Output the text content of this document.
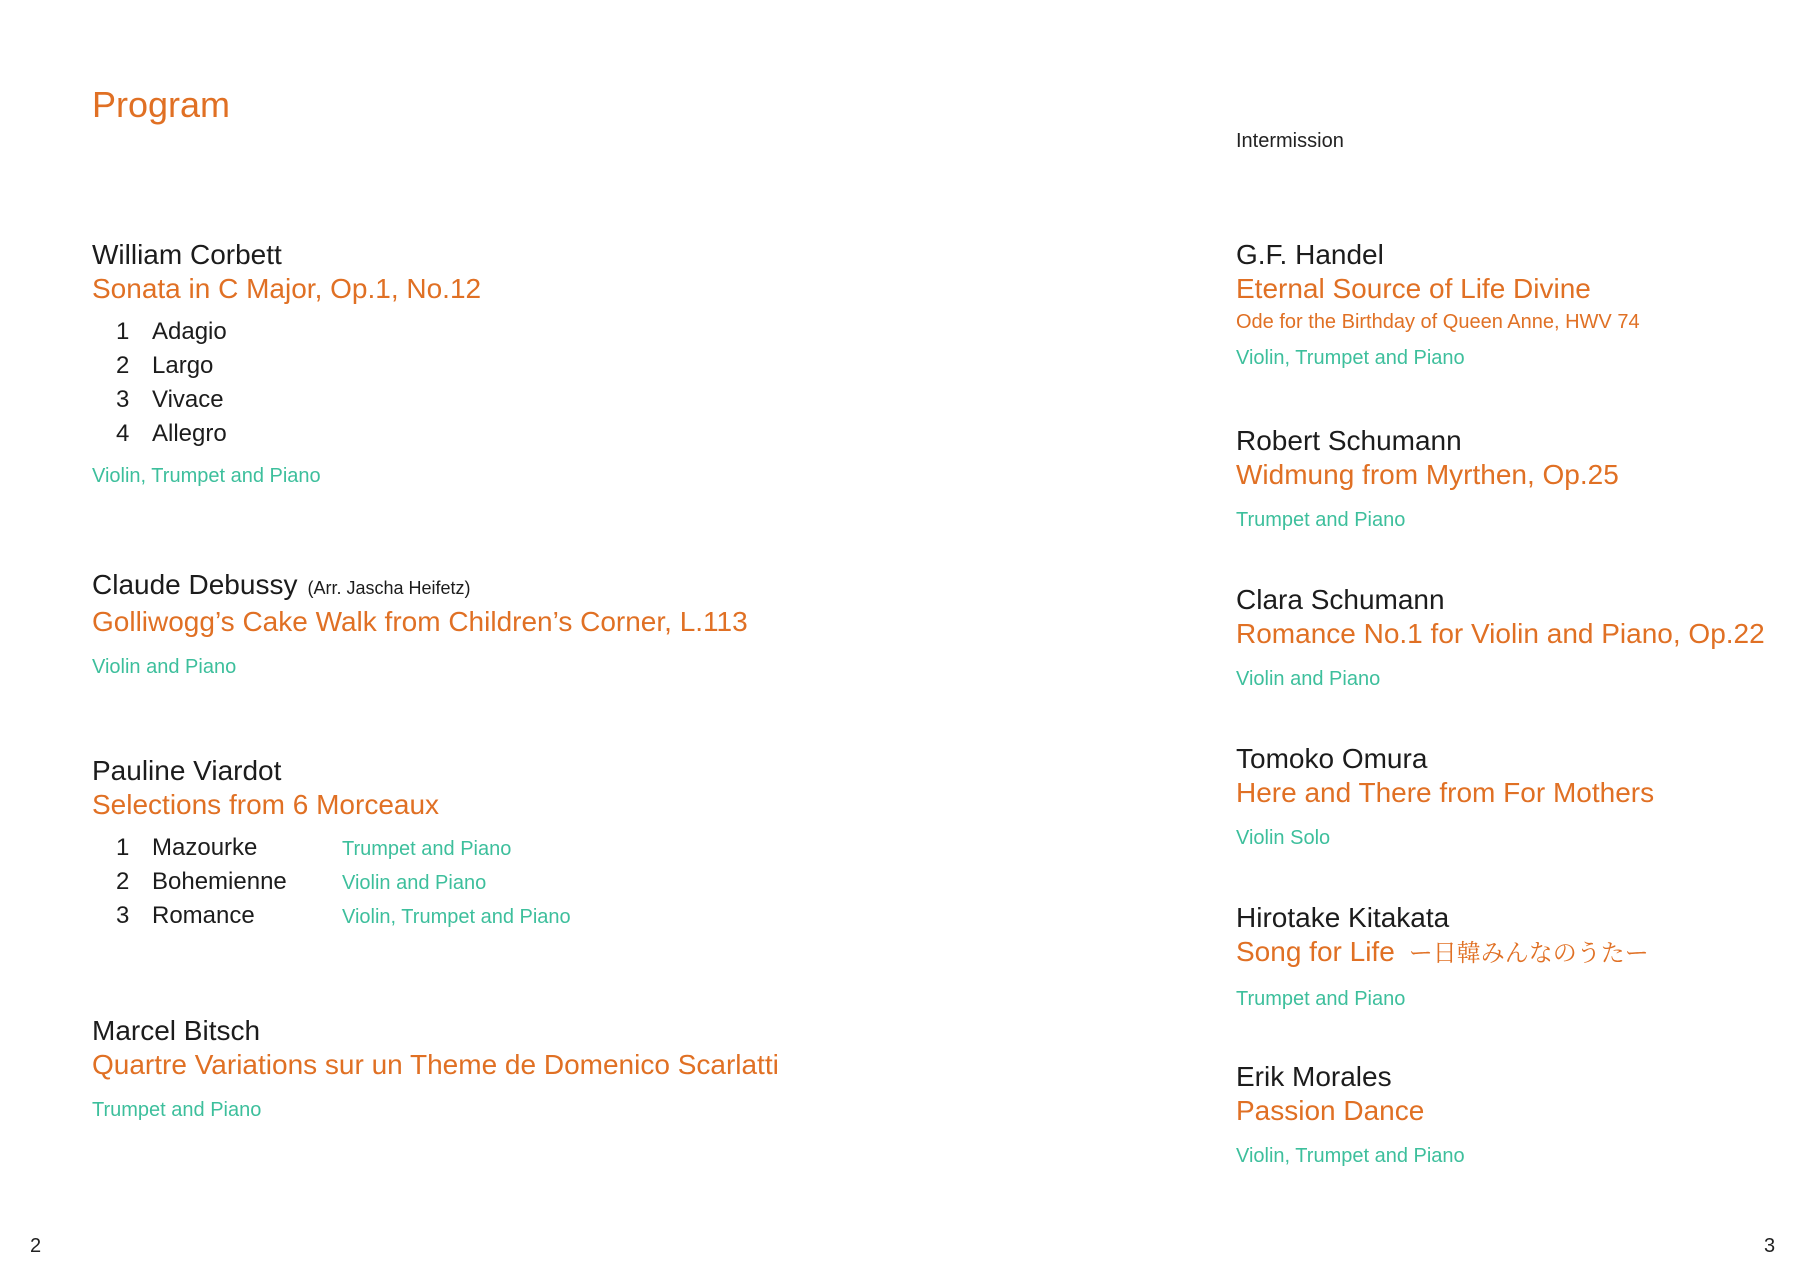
Program
Intermission
William Corbett
Sonata in C Major, Op.1, No.12
1 Adagio
2 Largo
3 Vivace
4 Allegro
Violin, Trumpet and Piano
Claude Debussy (Arr. Jascha Heifetz)
Golliwogg’s Cake Walk from Children’s Corner, L.113
Violin and Piano
Pauline Viardot
Selections from 6 Morceaux
1 Mazourke	Trumpet and Piano
2 Bohemienne	Violin and Piano
3 Romance	Violin, Trumpet and Piano
Marcel Bitsch
Quartre Variations sur un Theme de Domenico Scarlatti
Trumpet and Piano
G.F. Handel
Eternal Source of Life Divine
Ode for the Birthday of Queen Anne, HWV 74
Violin, Trumpet and Piano
Robert Schumann
Widmung from Myrthen, Op.25
Trumpet and Piano
Clara Schumann
Romance No.1 for Violin and Piano, Op.22
Violin and Piano
Tomoko Omura
Here and There from For Mothers
Violin Solo
Hirotake Kitakata
Song for Life ー日韓みんなのうたー
Trumpet and Piano
Erik Morales
Passion Dance
Violin, Trumpet and Piano
2	3
